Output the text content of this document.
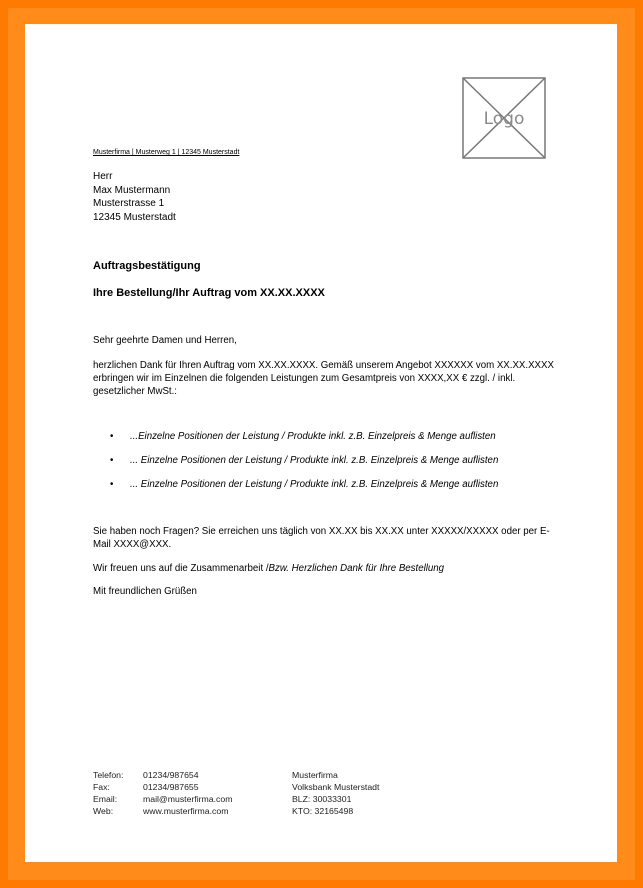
Logo
Musterfirma | Musterweg 1 | 12345 Musterstadt
Herr
Max Mustermann
Musterstrasse 1
12345 Musterstadt
Auftragsbestätigung
Ihre Bestellung/Ihr Auftrag vom XX.XX.XXXX
Sehr geehrte Damen und Herren,
herzlichen Dank für Ihren Auftrag vom XX.XX.XXXX. Gemäß unserem Angebot XXXXXX vom XX.XX.XXXX erbringen wir im Einzelnen die folgenden Leistungen zum Gesamtpreis von XXXX,XX € zzgl. / inkl. gesetzlicher MwSt.:
• ...Einzelne Positionen der Leistung / Produkte inkl. z.B. Einzelpreis & Menge auflisten
• ... Einzelne Positionen der Leistung / Produkte inkl. z.B. Einzelpreis & Menge auflisten
• ... Einzelne Positionen der Leistung / Produkte inkl. z.B. Einzelpreis & Menge auflisten
Sie haben noch Fragen? Sie erreichen uns täglich von XX.XX bis XX.XX unter XXXXX/XXXXX oder per E-Mail XXXX@XXX.
Wir freuen uns auf die Zusammenarbeit /Bzw. Herzlichen Dank für Ihre Bestellung
Mit freundlichen Grüßen
Telefon:
Fax:
Email:
Web:
01234/987654
01234/987655
mail@musterfirma.com
www.musterfirma.com
Musterfirma
Volksbank Musterstadt
BLZ: 30033301
KTO: 32165498
